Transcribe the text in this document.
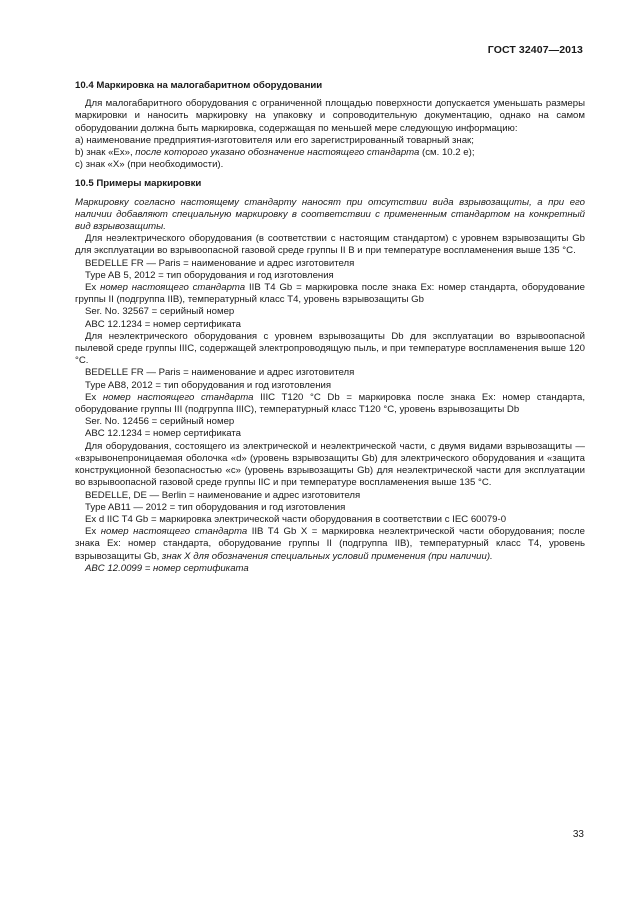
ГОСТ 32407—2013

10.4 Маркировка на малогабаритном оборудовании

Для малогабаритного оборудования с ограниченной площадью поверхности допускается уменьшать размеры маркировки и наносить маркировку на упаковку и сопроводительную документацию, однако на самом оборудовании должна быть маркировка, содержащая по меньшей мере следующую информацию:

а) наименование предприятия-изготовителя или его зарегистрированный товарный знак;

b) знак «Ex», после которого указано обозначение настоящего стандарта (см. 10.2 е);

c) знак «X» (при необходимости).

10.5 Примеры маркировки

Маркировку согласно настоящему стандарту наносят при отсутствии вида взрывозащиты, а при его наличии добавляют специальную маркировку в соответствии с примененным стандартом на конкретный вид взрывозащиты.

Для неэлектрического оборудования (в соответствии с настоящим стандартом) с уровнем взрывозащиты Gb для эксплуатации во взрывоопасной газовой среде группы II B и при температуре воспламенения выше 135 °C.

BEDELLE FR — Paris = наименование и адрес изготовителя

Type AB 5, 2012 = тип оборудования и год изготовления

Ex номер настоящего стандарта IIB T4 Gb = маркировка после знака Ex: номер стандарта, оборудование группы II (подгруппа IIB), температурный класс T4, уровень взрывозащиты Gb

Ser. No. 32567 = серийный номер

ABC 12.1234 = номер сертификата

Для неэлектрического оборудования с уровнем взрывозащиты Db для эксплуатации во взрывоопасной пылевой среде группы IIIC, содержащей электропроводящую пыль, и при температуре воспламенения выше 120 °C.

BEDELLE FR — Paris = наименование и адрес изготовителя

Type AB8, 2012 = тип оборудования и год изготовления

Ex номер настоящего стандарта IIIC T120 °C Db = маркировка после знака Ex: номер стандарта, оборудование группы III (подгруппа IIIC), температурный класс T120 °C, уровень взрывозащиты Db

Ser. No. 12456 = серийный номер

ABC 12.1234 = номер сертификата

Для оборудования, состоящего из электрической и неэлектрической части, с двумя видами взрывозащиты — «взрывонепроницаемая оболочка «d» (уровень взрывозащиты Gb) для электрического оборудования и «защита конструкционной безопасностью «c» (уровень взрывозащиты Gb) для неэлектрической части для эксплуатации во взрывоопасной газовой среде группы IIC и при температуре воспламенения выше 135 °C.

BEDELLE, DE — Berlin = наименование и адрес изготовителя

Type AB11 — 2012 = тип оборудования и год изготовления

Ex d IIC T4 Gb = маркировка электрической части оборудования в соответствии с IEC 60079-0

Ex номер настоящего стандарта IIB T4 Gb X = маркировка неэлектрической части оборудования; после знака Ex: номер стандарта, оборудование группы II (подгруппа IIB), температурный класс T4, уровень взрывозащиты Gb, знак X для обозначения специальных условий применения (при наличии).

ABC 12.0099 = номер сертификата

33
